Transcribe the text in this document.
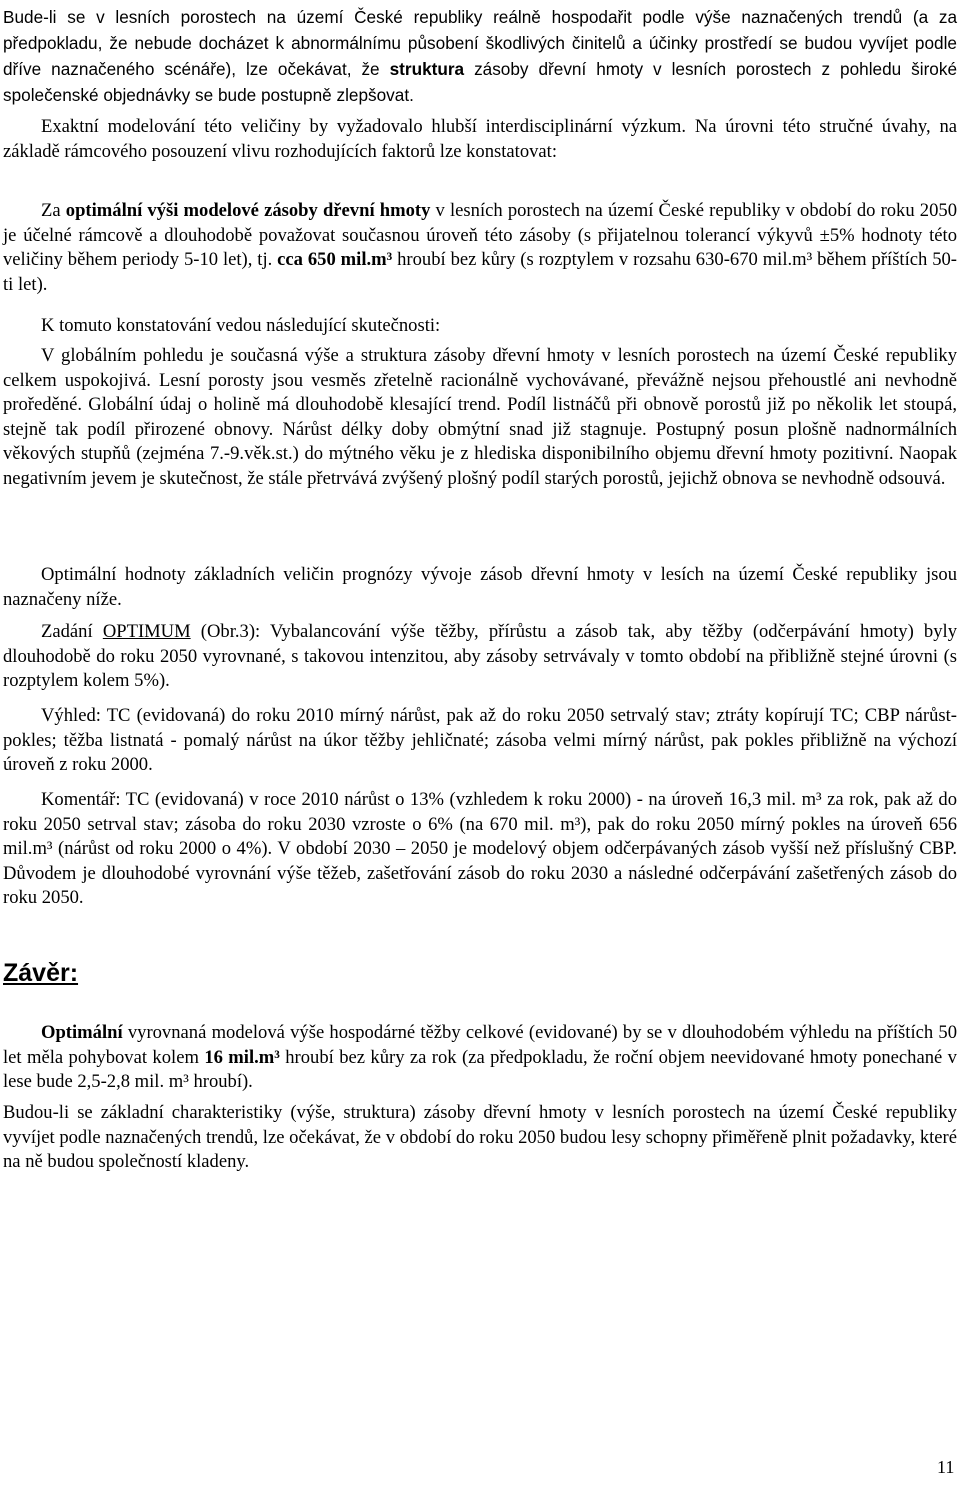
Bude-li se v lesních porostech na území České republiky reálně hospodařit podle výše naznačených trendů (a za předpokladu, že nebude docházet k abnormálnímu působení škodlivých činitelů a účinky prostředí se budou vyvíjet podle dříve naznačeného scénáře), lze očekávat, že struktura zásoby dřevní hmoty v lesních porostech z pohledu široké společenské objednávky se bude postupně zlepšovat.

Exaktní modelování této veličiny by vyžadovalo hlubší interdisciplinární výzkum. Na úrovni této stručné úvahy, na základě rámcového posouzení vlivu rozhodujících faktorů lze konstatovat:

Za optimální výši modelové zásoby dřevní hmoty v lesních porostech na území České republiky v období do roku 2050 je účelné rámcově a dlouhodobě považovat současnou úroveň této zásoby (s přijatelnou tolerancí výkyvů ±5% hodnoty této veličiny během periody 5-10 let), tj. cca 650 mil.m³ hroubí bez kůry (s rozptylem v rozsahu 630-670 mil.m³ během příštích 50-ti let).

K tomuto konstatování vedou následující skutečnosti:

V globálním pohledu je současná výše a struktura zásoby dřevní hmoty v lesních porostech na území České republiky celkem uspokojivá. Lesní porosty jsou vesměs zřetelně racionálně vychovávané, převážně nejsou přehoustlé ani nevhodně proředěné. Globální údaj o holině má dlouhodobě klesající trend. Podíl listnáčů při obnově porostů již po několik let stoupá, stejně tak podíl přirozené obnovy. Nárůst délky doby obmýtní snad již stagnuje. Postupný posun plošně nadnormálních věkových stupňů (zejména 7.-9.věk.st.) do mýtného věku je z hlediska disponibilního objemu dřevní hmoty pozitivní. Naopak negativním jevem je skutečnost, že stále přetrvává zvýšený plošný podíl starých porostů, jejichž obnova se nevhodně odsouvá.

Optimální hodnoty základních veličin prognózy vývoje zásob dřevní hmoty v lesích na území České republiky jsou naznačeny níže.

Zadání OPTIMUM (Obr.3): Vybalancování výše těžby, přírůstu a zásob tak, aby těžby (odčerpávání hmoty) byly dlouhodobě do roku 2050 vyrovnané, s takovou intenzitou, aby zásoby setrvávaly v tomto období na přibližně stejné úrovni (s rozptylem kolem 5%).

Výhled: TC (evidovaná) do roku 2010 mírný nárůst, pak až do roku 2050 setrvalý stav; ztráty kopírují TC; CBP nárůst-pokles; těžba listnatá - pomalý nárůst na úkor těžby jehličnaté; zásoba velmi mírný nárůst, pak pokles přibližně na výchozí úroveň z roku 2000.

Komentář: TC (evidovaná) v roce 2010 nárůst o 13% (vzhledem k roku 2000) - na úroveň 16,3 mil. m³ za rok, pak až do roku 2050 setrval stav; zásoba do roku 2030 vzroste o 6% (na 670 mil. m³), pak do roku 2050 mírný pokles na úroveň 656 mil.m³ (nárůst od roku 2000 o 4%). V období 2030 – 2050 je modelový objem odčerpávaných zásob vyšší než příslušný CBP. Důvodem je dlouhodobé vyrovnání výše těžeb, zašetřování zásob do roku 2030 a následné odčerpávání zašetřených zásob do roku 2050.

Závěr:

Optimální vyrovnaná modelová výše hospodárné těžby celkové (evidované) by se v dlouhodobém výhledu na příštích 50 let měla pohybovat kolem 16 mil.m³ hroubí bez kůry za rok (za předpokladu, že roční objem neevidované hmoty ponechané v lese bude 2,5-2,8 mil. m³ hroubí).

Budou-li se základní charakteristiky (výše, struktura) zásoby dřevní hmoty v lesních porostech na území České republiky vyvíjet podle naznačených trendů, lze očekávat, že v období do roku 2050 budou lesy schopny přiměřeně plnit požadavky, které na ně budou společností kladeny.

11
